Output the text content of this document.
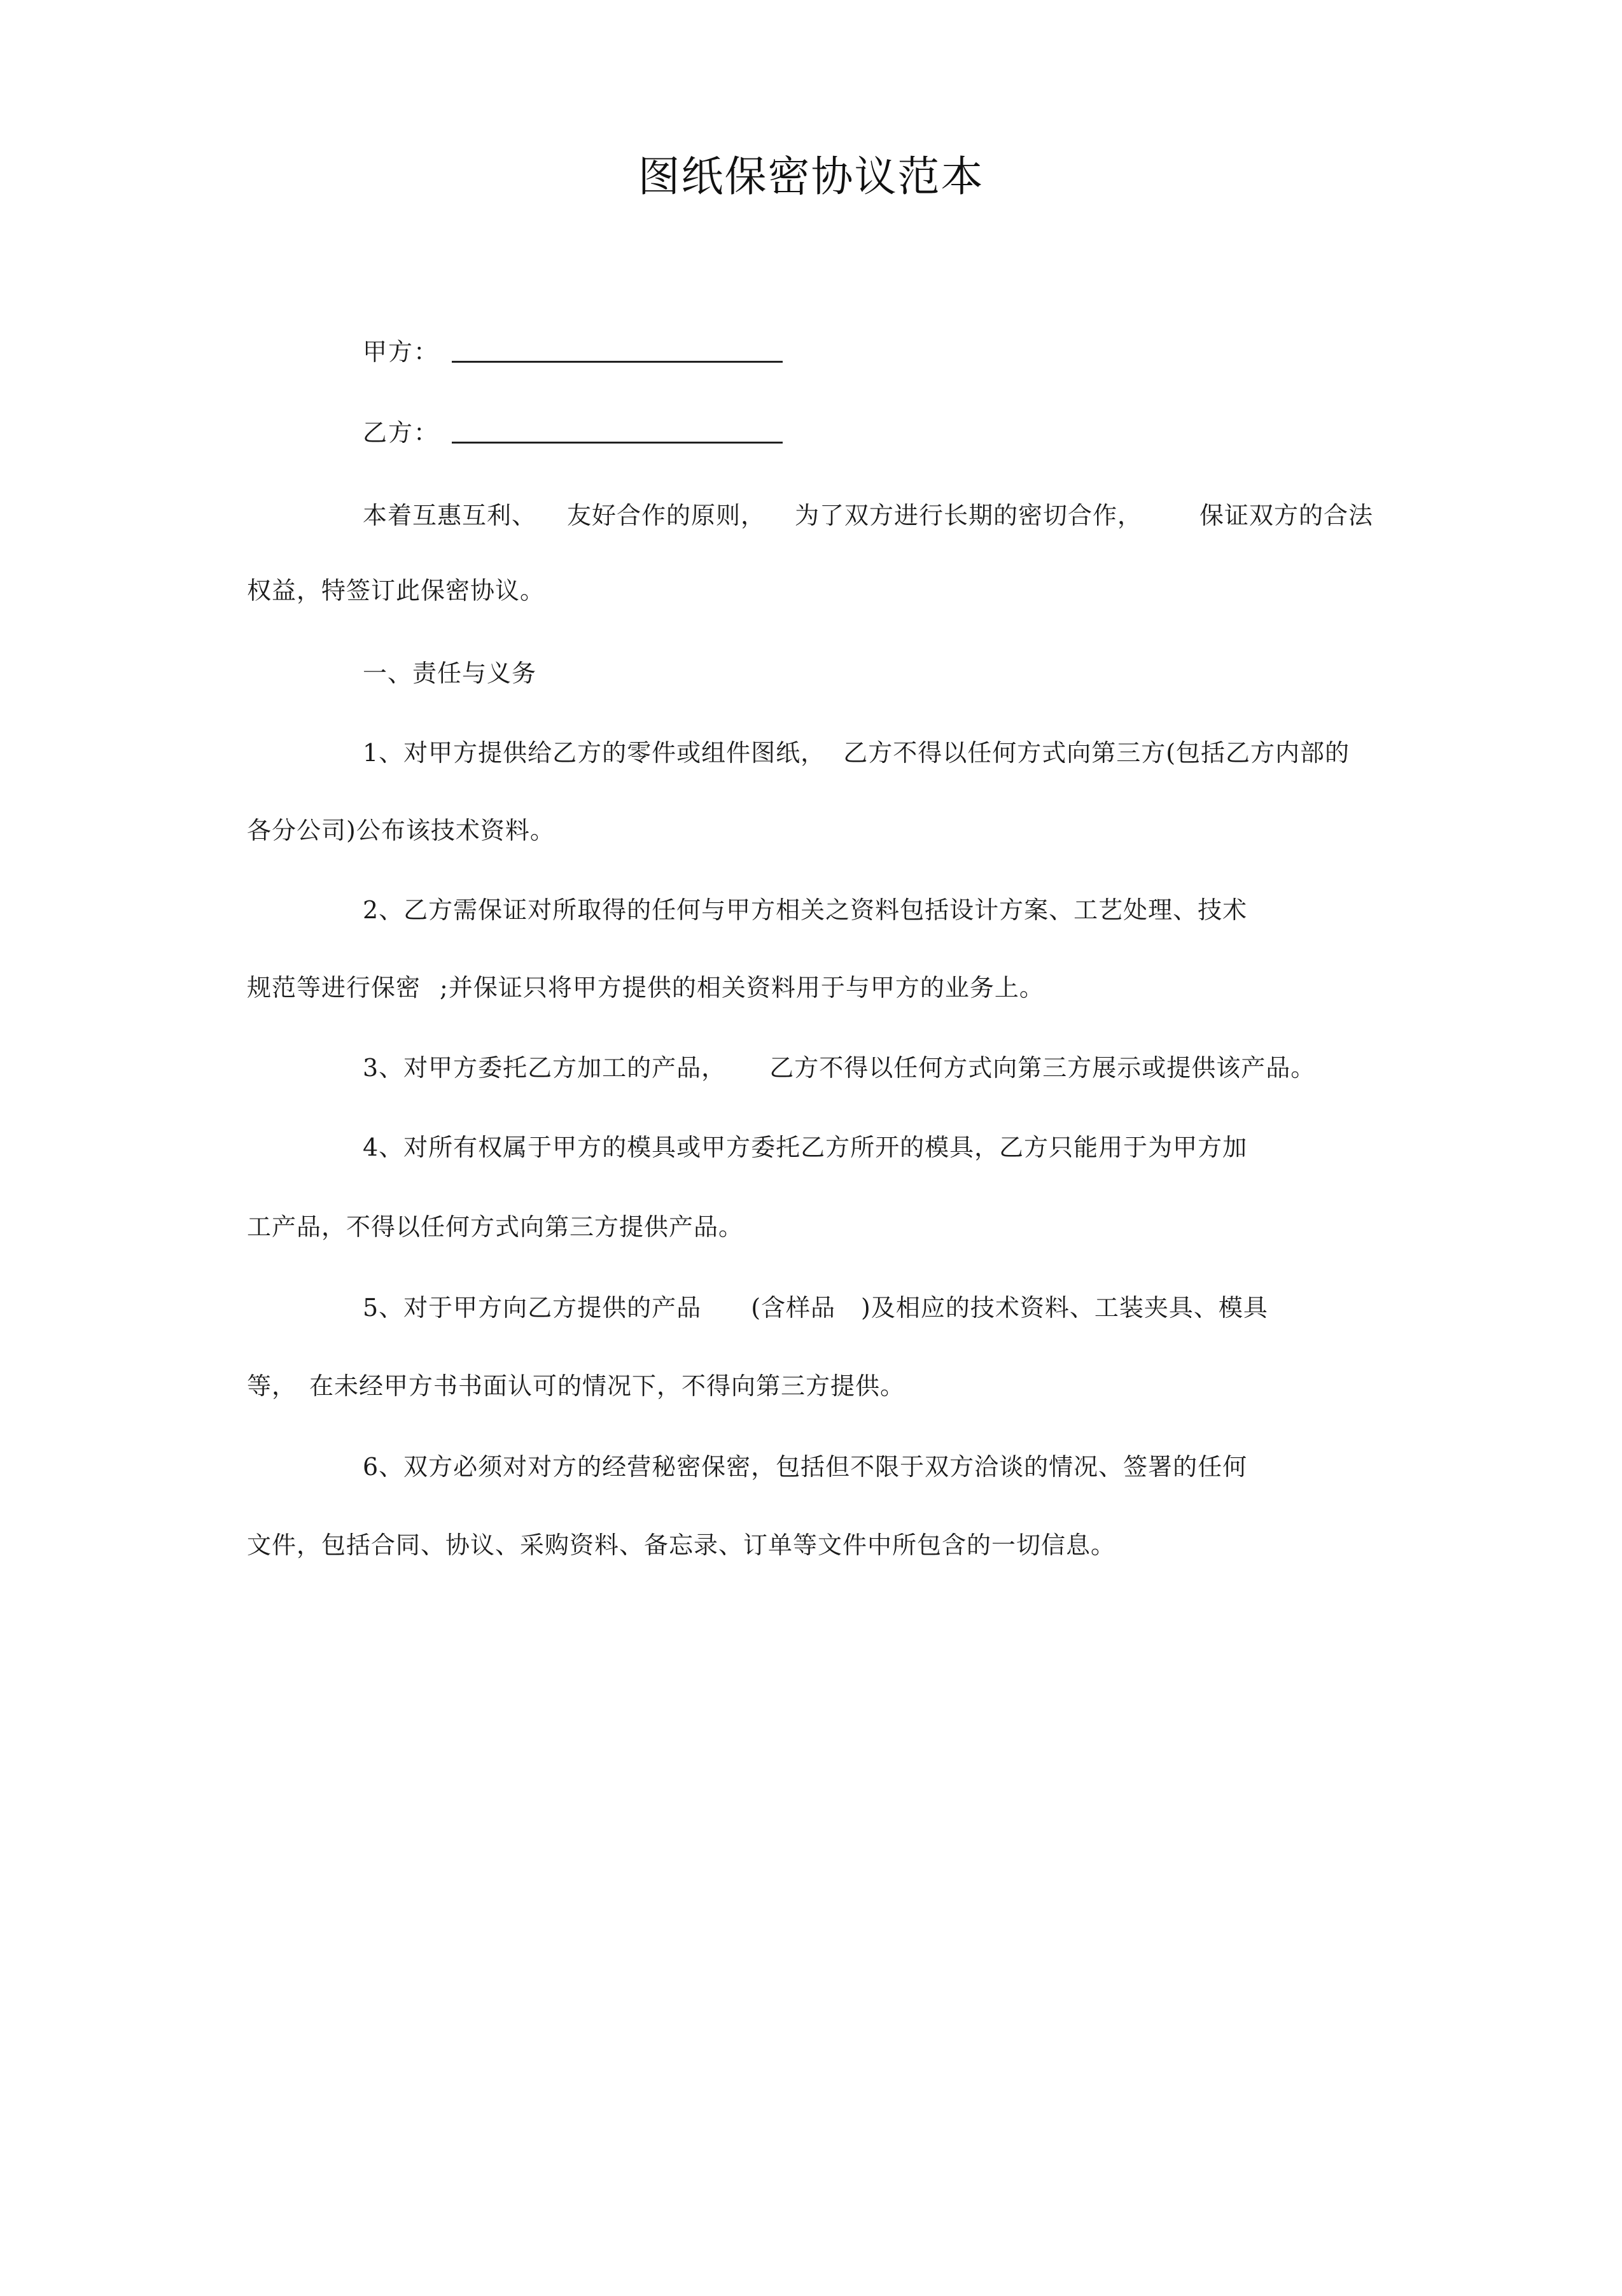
图纸保密协议范本
甲方：
乙方：
本着互惠互利、 友好合作的原则， 为了双方进行长期的密切合作， 保证双方的合法
权益，特签订此保密协议。
一、责任与义务
1、对甲方提供给乙方的零件或组件图纸， 乙方不得以任何方式向第三方(包括乙方内部的
各分公司)公布该技术资料。
2、乙方需保证对所取得的任何与甲方相关之资料包括设计方案、工艺处理、技术
规范等进行保密 ;并保证只将甲方提供的相关资料用于与甲方的业务上。
3、对甲方委托乙方加工的产品， 乙方不得以任何方式向第三方展示或提供该产品。
4、对所有权属于甲方的模具或甲方委托乙方所开的模具，乙方只能用于为甲方加
工产品，不得以任何方式向第三方提供产品。
5、对于甲方向乙方提供的产品 (含样品 )及相应的技术资料、工装夹具、模具
等， 在未经甲方书书面认可的情况下，不得向第三方提供。
6、双方必须对对方的经营秘密保密，包括但不限于双方洽谈的情况、签署的任何
文件，包括合同、协议、采购资料、备忘录、订单等文件中所包含的一切信息。
